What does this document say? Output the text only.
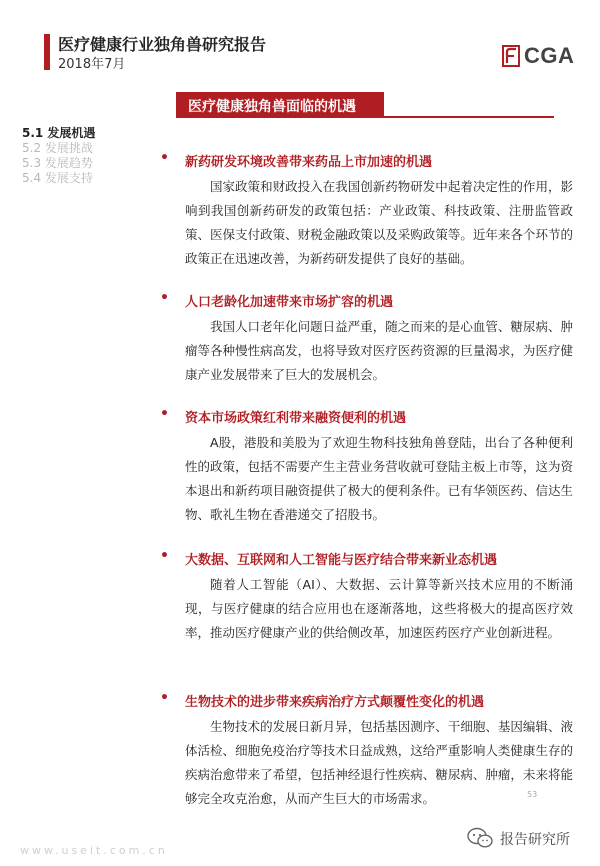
医疗健康行业独角兽研究报告
2018年7月	CGA
医疗健康独角兽面临的机遇
5.1 发展机遇
5.2 发展挑战
5.3 发展趋势
5.4 发展支持
• 新药研发环境改善带来药品上市加速的机遇
国家政策和财政投入在我国创新药物研发中起着决定性的作用，影响到我国创新药研发的政策包括：产业政策、科技政策、注册监管政策、医保支付政策、财税金融政策以及采购政策等。近年来各个环节的政策正在迅速改善，为新药研发提供了良好的基础。
• 人口老龄化加速带来市场扩容的机遇
我国人口老年化问题日益严重，随之而来的是心血管、糖尿病、肿瘤等各种慢性病高发，也将导致对医疗医药资源的巨量渴求，为医疗健康产业发展带来了巨大的发展机会。
• 资本市场政策红利带来融资便利的机遇
A股，港股和美股为了欢迎生物科技独角兽登陆，出台了各种便利性的政策，包括不需要产生主营业务营收就可登陆主板上市等，这为资本退出和新药项目融资提供了极大的便利条件。已有华领医药、信达生物、歌礼生物在香港递交了招股书。
• 大数据、互联网和人工智能与医疗结合带来新业态机遇
随着人工智能（AI）、大数据、云计算等新兴技术应用的不断涌现，与医疗健康的结合应用也在逐渐落地，这些将极大的提高医疗效率，推动医疗健康产业的供给侧改革，加速医药医疗产业创新进程。
• 生物技术的进步带来疾病治疗方式颠覆性变化的机遇
生物技术的发展日新月异，包括基因测序、干细胞、基因编辑、液体活检、细胞免疫治疗等技术日益成熟，这给严重影响人类健康生存的疾病治愈带来了希望，包括神经退行性疾病、糖尿病、肿瘤，未来将能够完全攻克治愈，从而产生巨大的市场需求。	53
www.useit.com.cn
报告研究所
